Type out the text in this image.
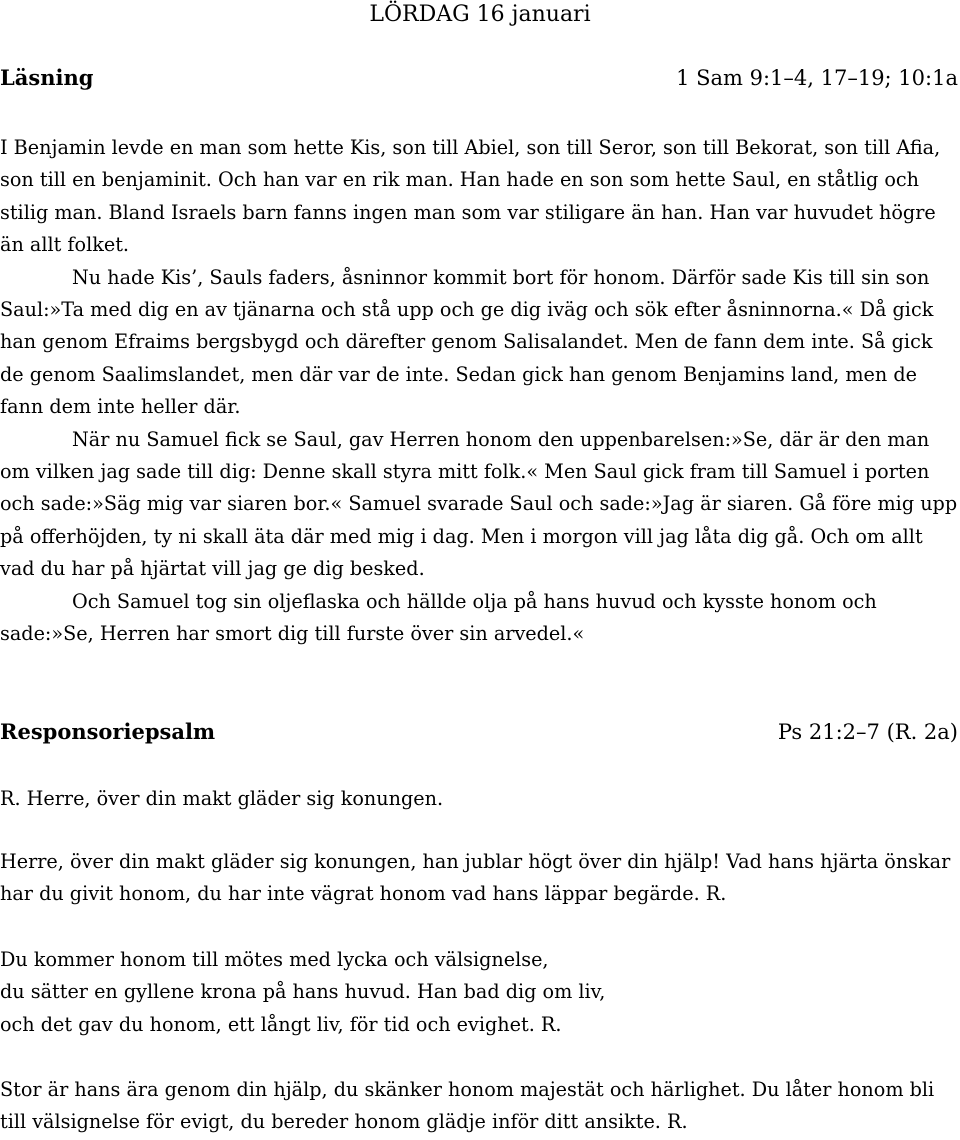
LÖRDAG 16 januari
Läsning	1 Sam 9:1–4, 17–19; 10:1a

I Benjamin levde en man som hette Kis, son till Abiel, son till Seror, son till Bekorat, son till Afia, son till en benjaminit. Och han var en rik man. Han hade en son som hette Saul, en ståtlig och stilig man. Bland Israels barn fanns ingen man som var stiligare än han. Han var huvudet högre än allt folket.

Nu hade Kis’, Sauls faders, åsninnor kommit bort för honom. Därför sade Kis till sin son Saul:»Ta med dig en av tjänarna och stå upp och ge dig iväg och sök efter åsninnorna.« Då gick han genom Efraims bergsbygd och därefter genom Salisalandet. Men de fann dem inte. Så gick de genom Saalimslandet, men där var de inte. Sedan gick han genom Benjamins land, men de fann dem inte heller där.

När nu Samuel fick se Saul, gav Herren honom den uppenbarelsen:»Se, där är den man om vilken jag sade till dig: Denne skall styra mitt folk.« Men Saul gick fram till Samuel i porten och sade:»Säg mig var siaren bor.« Samuel svarade Saul och sade:»Jag är siaren. Gå före mig upp på offerhöjden, ty ni skall äta där med mig i dag. Men i morgon vill jag låta dig gå. Och om allt vad du har på hjärtat vill jag ge dig besked.

Och Samuel tog sin oljeflaska och hällde olja på hans huvud och kysste honom och sade:»Se, Herren har smort dig till furste över sin arvedel.«

Responsoriepsalm	Ps 21:2–7 (R. 2a)

R. Herre, över din makt gläder sig konungen.

Herre, över din makt gläder sig konungen, han jublar högt över din hjälp! Vad hans hjärta önskar har du givit honom, du har inte vägrat honom vad hans läppar begärde. R.

Du kommer honom till mötes med lycka och välsignelse,
du sätter en gyllene krona på hans huvud. Han bad dig om liv,
och det gav du honom, ett långt liv, för tid och evighet. R.

Stor är hans ära genom din hjälp, du skänker honom majestät och härlighet. Du låter honom bli till välsignelse för evigt, du bereder honom glädje inför ditt ansikte. R.
